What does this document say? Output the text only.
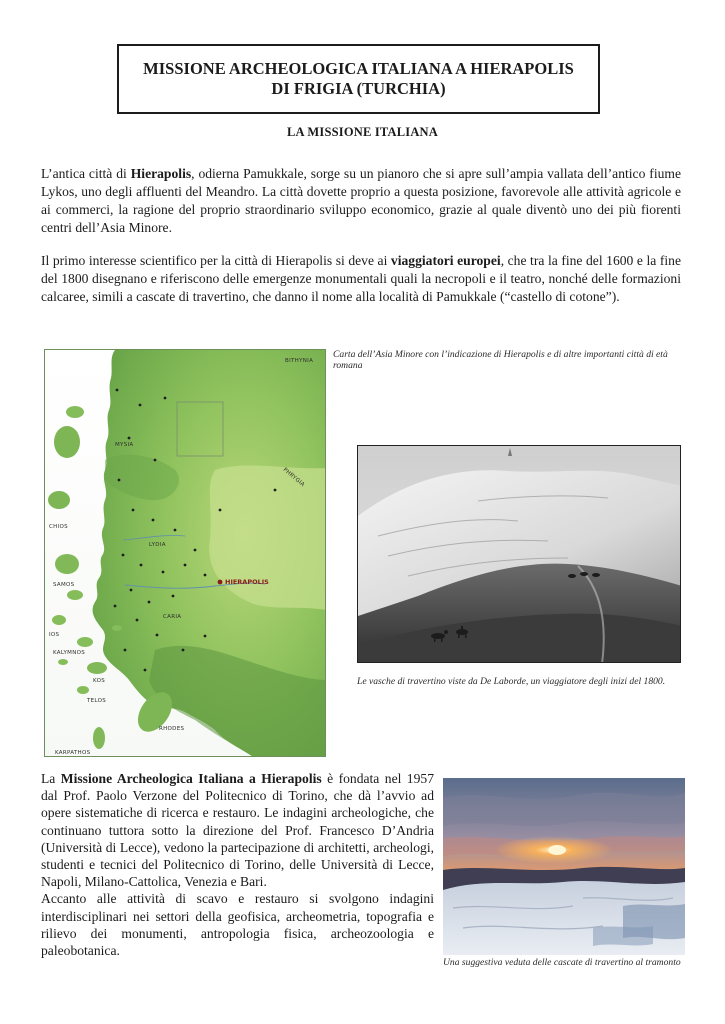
MISSIONE ARCHEOLOGICA ITALIANA A HIERAPOLIS
DI FRIGIA (TURCHIA)
LA MISSIONE ITALIANA

L’antica città di Hierapolis, odierna Pamukkale, sorge su un pianoro che si apre sull’ampia vallata dell’antico fiume Lykos, uno degli affluenti del Meandro. La città dovette proprio a questa posizione, favorevole alle attività agricole e ai commerci, la ragione del proprio straordinario sviluppo economico, grazie al quale diventò uno dei più fiorenti centri dell’Asia Minore.

Il primo interesse scientifico per la città di Hierapolis si deve ai viaggiatori europei, che tra la fine del 1600 e la fine del 1800 disegnano e riferiscono delle emergenze monumentali quali la necropoli e il teatro, nonché delle formazioni calcaree, simili a cascate di travertino, che danno il nome alla località di Pamukkale (“castello di cotone”).

BITHYNIA
MYSIA
LYDIA
CARIA
PHRYGIA
HIERAPOLIS
SAMOS
CHIOS
IOS
KALYMNOS
KOS
TELOS
RHODES
KARPATHOS

Carta dell’Asia Minore con l’indicazione di Hierapolis e di altre importanti città di età romana

Le vasche di travertino viste da De Laborde, un viaggiatore degli inizi del 1800.

La Missione Archeologica Italiana a Hierapolis è fondata nel 1957 dal Prof. Paolo Verzone del Politecnico di Torino, che dà l’avvio ad opere sistematiche di ricerca e restauro. Le indagini archeologiche, che continuano tuttora sotto la direzione del Prof. Francesco D’Andria (Università di Lecce), vedono la partecipazione di architetti, archeologi, studenti e tecnici del Politecnico di Torino, delle Università di Lecce, Napoli, Milano-Cattolica, Venezia e Bari.
Accanto alle attività di scavo e restauro si svolgono indagini interdisciplinari nei settori della geofisica, archeometria, topografia e rilievo dei monumenti, antropologia fisica, archeozoologia e paleobotanica.

Una suggestiva veduta delle cascate di travertino al tramonto
